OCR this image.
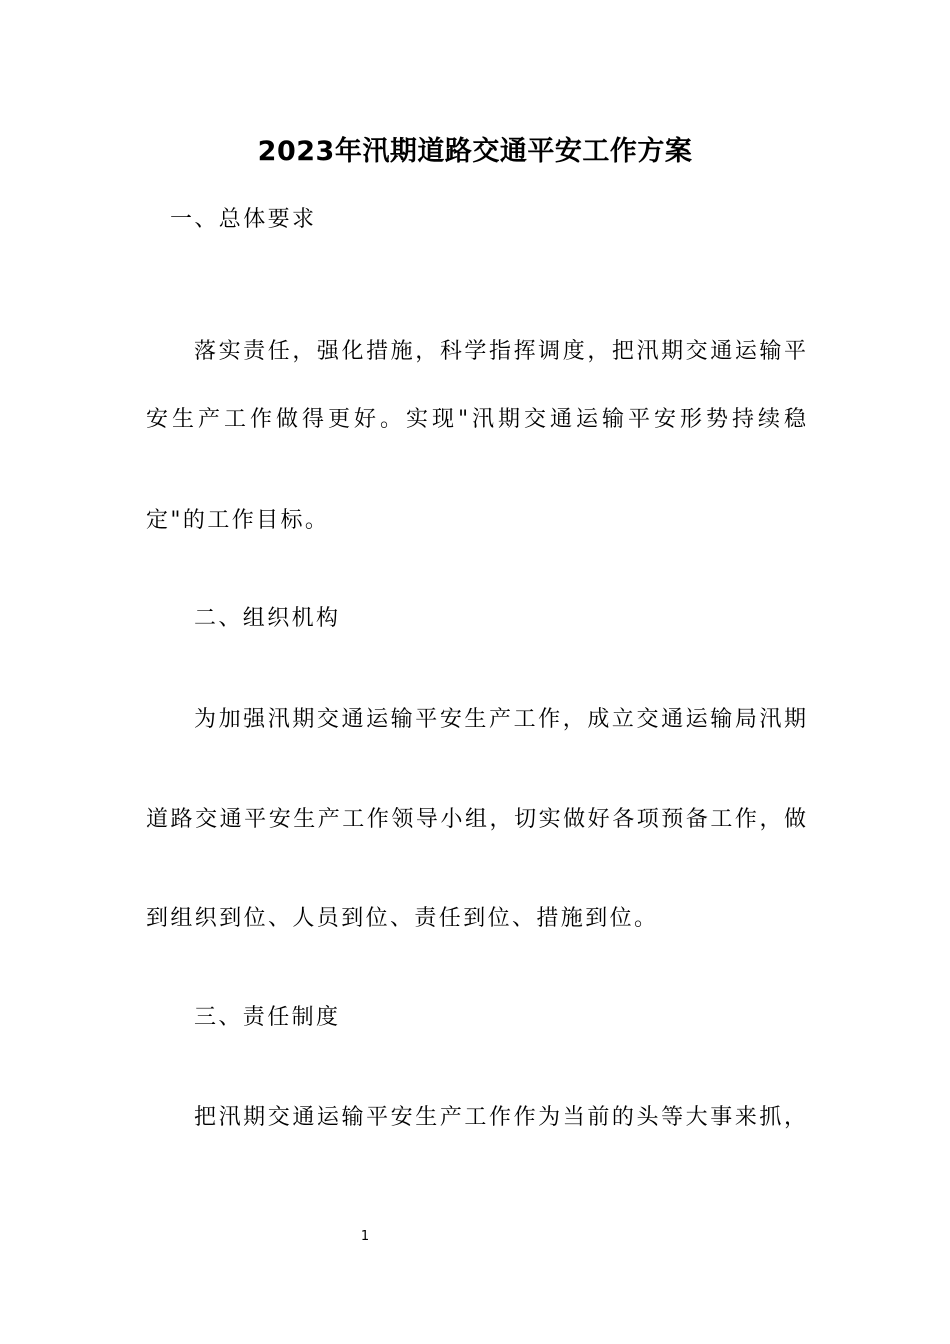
2023年汛期道路交通平安工作方案
一、总体要求
落实责任，强化措施，科学指挥调度，把汛期交通运输平
安生产工作做得更好。实现"汛期交通运输平安形势持续稳
定"的工作目标。
二、组织机构
为加强汛期交通运输平安生产工作，成立交通运输局汛期
道路交通平安生产工作领导小组，切实做好各项预备工作，做
到组织到位、人员到位、责任到位、措施到位。
三、责任制度
把汛期交通运输平安生产工作作为当前的头等大事来抓，
1
